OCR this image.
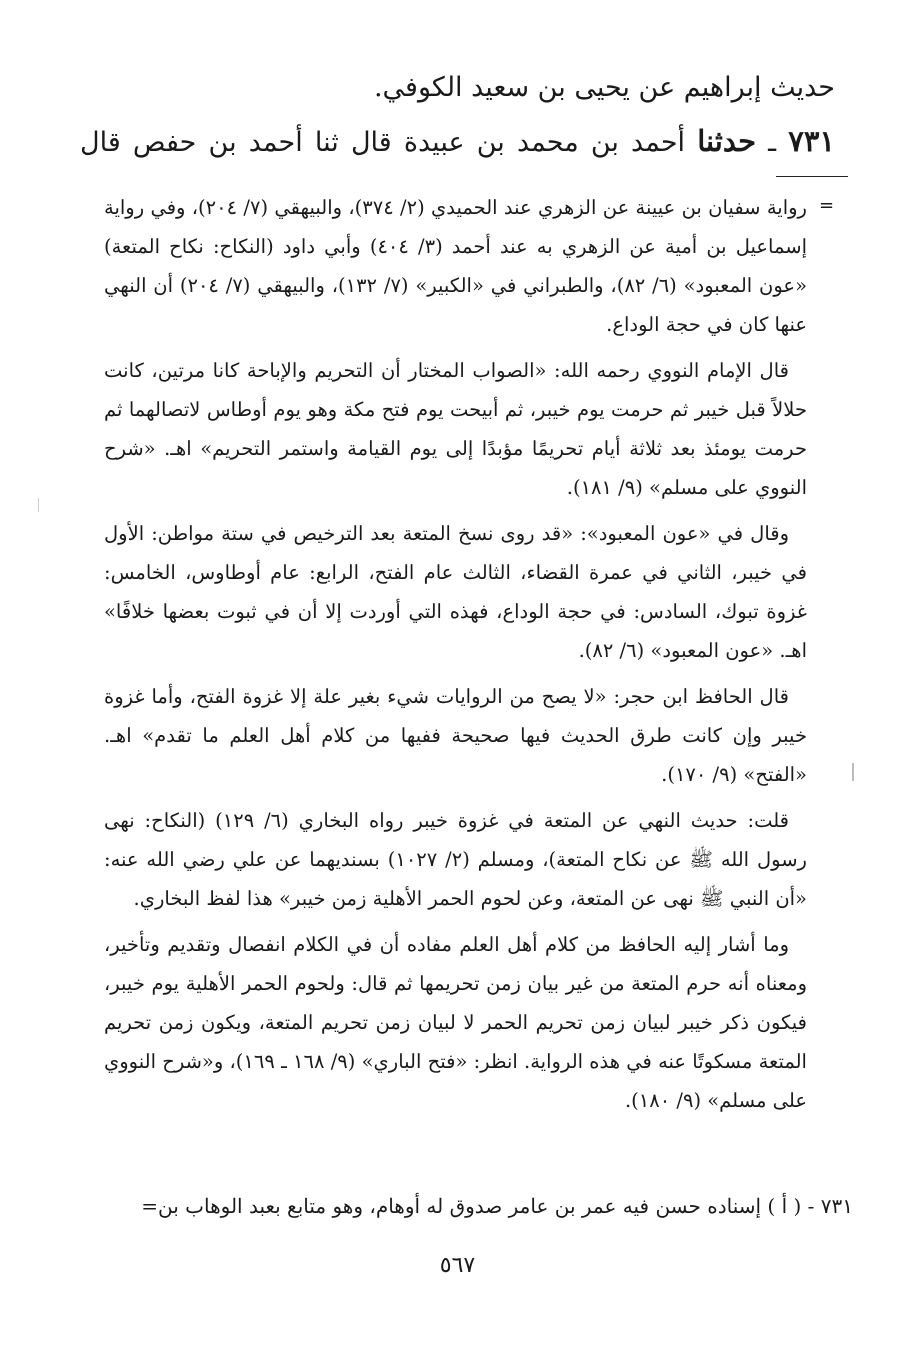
حديث إبراهيم عن يحيى بن سعيد الكوفي.

٧٣١ ـ حدثنا أحمد بن محمد بن عبيدة قال ثنا أحمد بن حفص قال

=

رواية سفيان بن عيينة عن الزهري عند الحميدي (٢/ ٣٧٤)، والبيهقي (٧/ ٢٠٤)، وفي رواية إسماعيل بن أمية عن الزهري به عند أحمد (٣/ ٤٠٤) وأبي داود (النكاح: نكاح المتعة) «عون المعبود» (٦/ ٨٢)، والطبراني في «الكبير» (٧/ ١٣٢)، والبيهقي (٧/ ٢٠٤) أن النهي عنها كان في حجة الوداع.

قال الإمام النووي رحمه الله: «الصواب المختار أن التحريم والإباحة كانا مرتين، كانت حلالاً قبل خيبر ثم حرمت يوم خيبر، ثم أبيحت يوم فتح مكة وهو يوم أوطاس لاتصالهما ثم حرمت يومئذ بعد ثلاثة أيام تحريمًا مؤبدًا إلى يوم القيامة واستمر التحريم» اهـ. «شرح النووي على مسلم» (٩/ ١٨١).

وقال في «عون المعبود»: «قد روى نسخ المتعة بعد الترخيص في ستة مواطن: الأول في خيبر، الثاني في عمرة القضاء، الثالث عام الفتح، الرابع: عام أوطاوس، الخامس: غزوة تبوك، السادس: في حجة الوداع، فهذه التي أوردت إلا أن في ثبوت بعضها خلافًا» اهـ. «عون المعبود» (٦/ ٨٢).

قال الحافظ ابن حجر: «لا يصح من الروايات شيء بغير علة إلا غزوة الفتح، وأما غزوة خيبر وإن كانت طرق الحديث فيها صحيحة ففيها من كلام أهل العلم ما تقدم» اهـ. «الفتح» (٩/ ١٧٠).

قلت: حديث النهي عن المتعة في غزوة خيبر رواه البخاري (٦/ ١٢٩) (النكاح: نهى رسول الله ﷺ عن نكاح المتعة)، ومسلم (٢/ ١٠٢٧) بسنديهما عن علي رضي الله عنه: «أن النبي ﷺ نهى عن المتعة، وعن لحوم الحمر الأهلية زمن خيبر» هذا لفظ البخاري.

وما أشار إليه الحافظ من كلام أهل العلم مفاده أن في الكلام انفصال وتقديم وتأخير، ومعناه أنه حرم المتعة من غير بيان زمن تحريمها ثم قال: ولحوم الحمر الأهلية يوم خيبر، فيكون ذكر خيبر لبيان زمن تحريم الحمر لا لبيان زمن تحريم المتعة، ويكون زمن تحريم المتعة مسكوتًا عنه في هذه الرواية. انظر: «فتح الباري» (٩/ ١٦٨ ـ ١٦٩)، و«شرح النووي على مسلم» (٩/ ١٨٠).

٧٣١ - ( أ ) إسناده حسن فيه عمر بن عامر صدوق له أوهام، وهو متابع بعبد الوهاب بن=
٥٦٧
